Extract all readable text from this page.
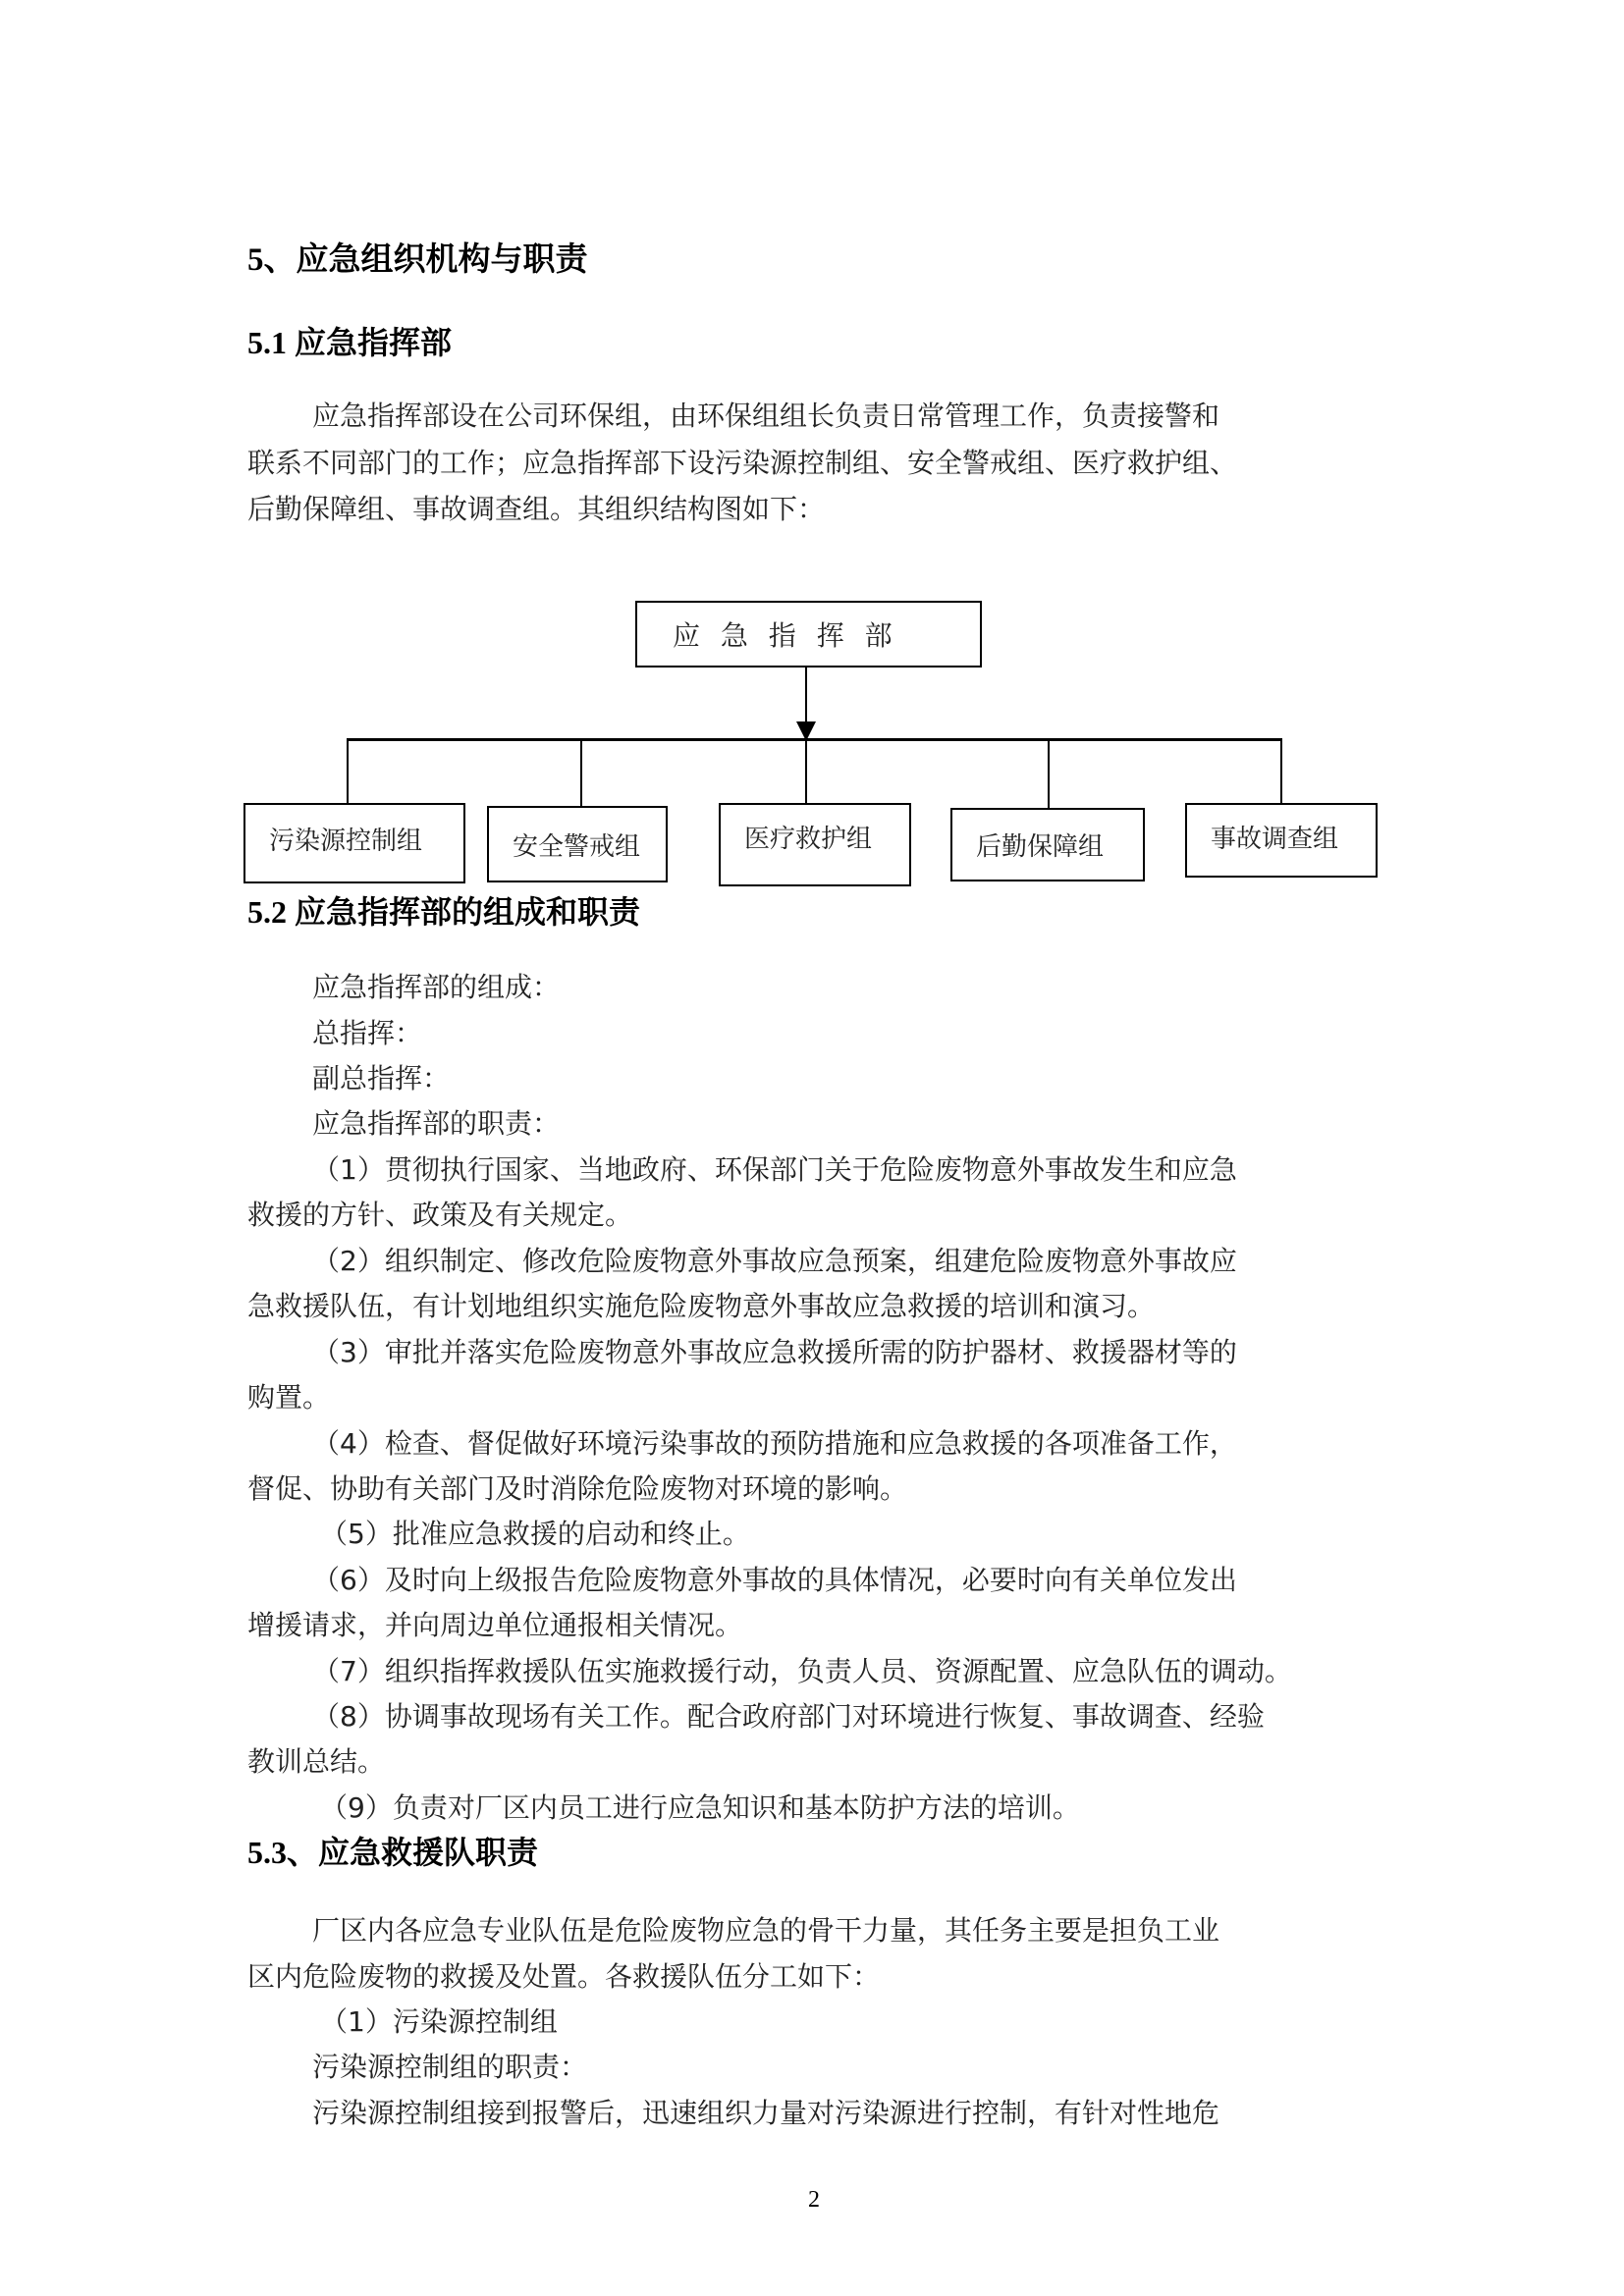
5、应急组织机构与职责
5.1 应急指挥部
应急指挥部设在公司环保组，由环保组组长负责日常管理工作，负责接警和
联系不同部门的工作；应急指挥部下设污染源控制组、安全警戒组、医疗救护组、
后勤保障组、事故调查组。其组织结构图如下：
应 急 指 挥 部
污染源控制组	安全警戒组	医疗救护组	后勤保障组	事故调查组
5.2 应急指挥部的组成和职责
应急指挥部的组成：
总指挥：
副总指挥：
应急指挥部的职责：
（1）贯彻执行国家、当地政府、环保部门关于危险废物意外事故发生和应急
救援的方针、政策及有关规定。
（2）组织制定、修改危险废物意外事故应急预案，组建危险废物意外事故应
急救援队伍，有计划地组织实施危险废物意外事故应急救援的培训和演习。
（3）审批并落实危险废物意外事故应急救援所需的防护器材、救援器材等的
购置。
（4）检查、督促做好环境污染事故的预防措施和应急救援的各项准备工作，
督促、协助有关部门及时消除危险废物对环境的影响。
（5）批准应急救援的启动和终止。
（6）及时向上级报告危险废物意外事故的具体情况，必要时向有关单位发出
增援请求，并向周边单位通报相关情况。
（7）组织指挥救援队伍实施救援行动，负责人员、资源配置、应急队伍的调动。
（8）协调事故现场有关工作。配合政府部门对环境进行恢复、事故调查、经验
教训总结。
（9）负责对厂区内员工进行应急知识和基本防护方法的培训。
5.3、应急救援队职责
厂区内各应急专业队伍是危险废物应急的骨干力量，其任务主要是担负工业
区内危险废物的救援及处置。各救援队伍分工如下：
（1）污染源控制组
污染源控制组的职责：
污染源控制组接到报警后，迅速组织力量对污染源进行控制，有针对性地危
2
